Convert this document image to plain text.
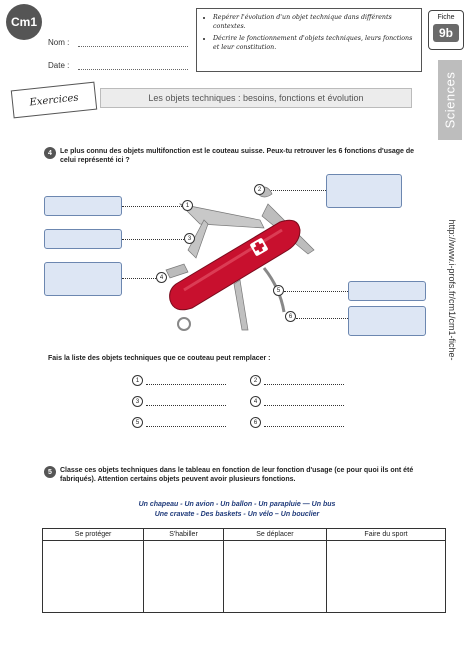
Cm1
Nom :
Date :
• Repérer l'évolution d'un objet technique dans différents contextes.
• Décrire le fonctionnement d'objets techniques, leurs fonctions et leur constitution.
Fiche
9b
Sciences
http://www.i-profs.fr/cm1/cm1-fiche-
Exercices	Les objets techniques : besoins, fonctions et évolution
4	Le plus connu des objets multifonction est le couteau suisse. Peux-tu retrouver les 6 fonctions d'usage de celui représenté ici ?
1
2
3
4
5
6
Fais la liste des objets techniques que ce couteau peut remplacer :
1	2
3	4
5	6
5	Classe ces objets techniques dans le tableau en fonction de leur fonction d'usage (ce pour quoi ils ont été fabriqués). Attention certains objets peuvent avoir plusieurs fonctions.
Un chapeau - Un avion - Un ballon - Un parapluie — Un bus
Une cravate - Des baskets - Un vélo – Un bouclier
Se protéger	S'habiller	Se déplacer	Faire du sport
